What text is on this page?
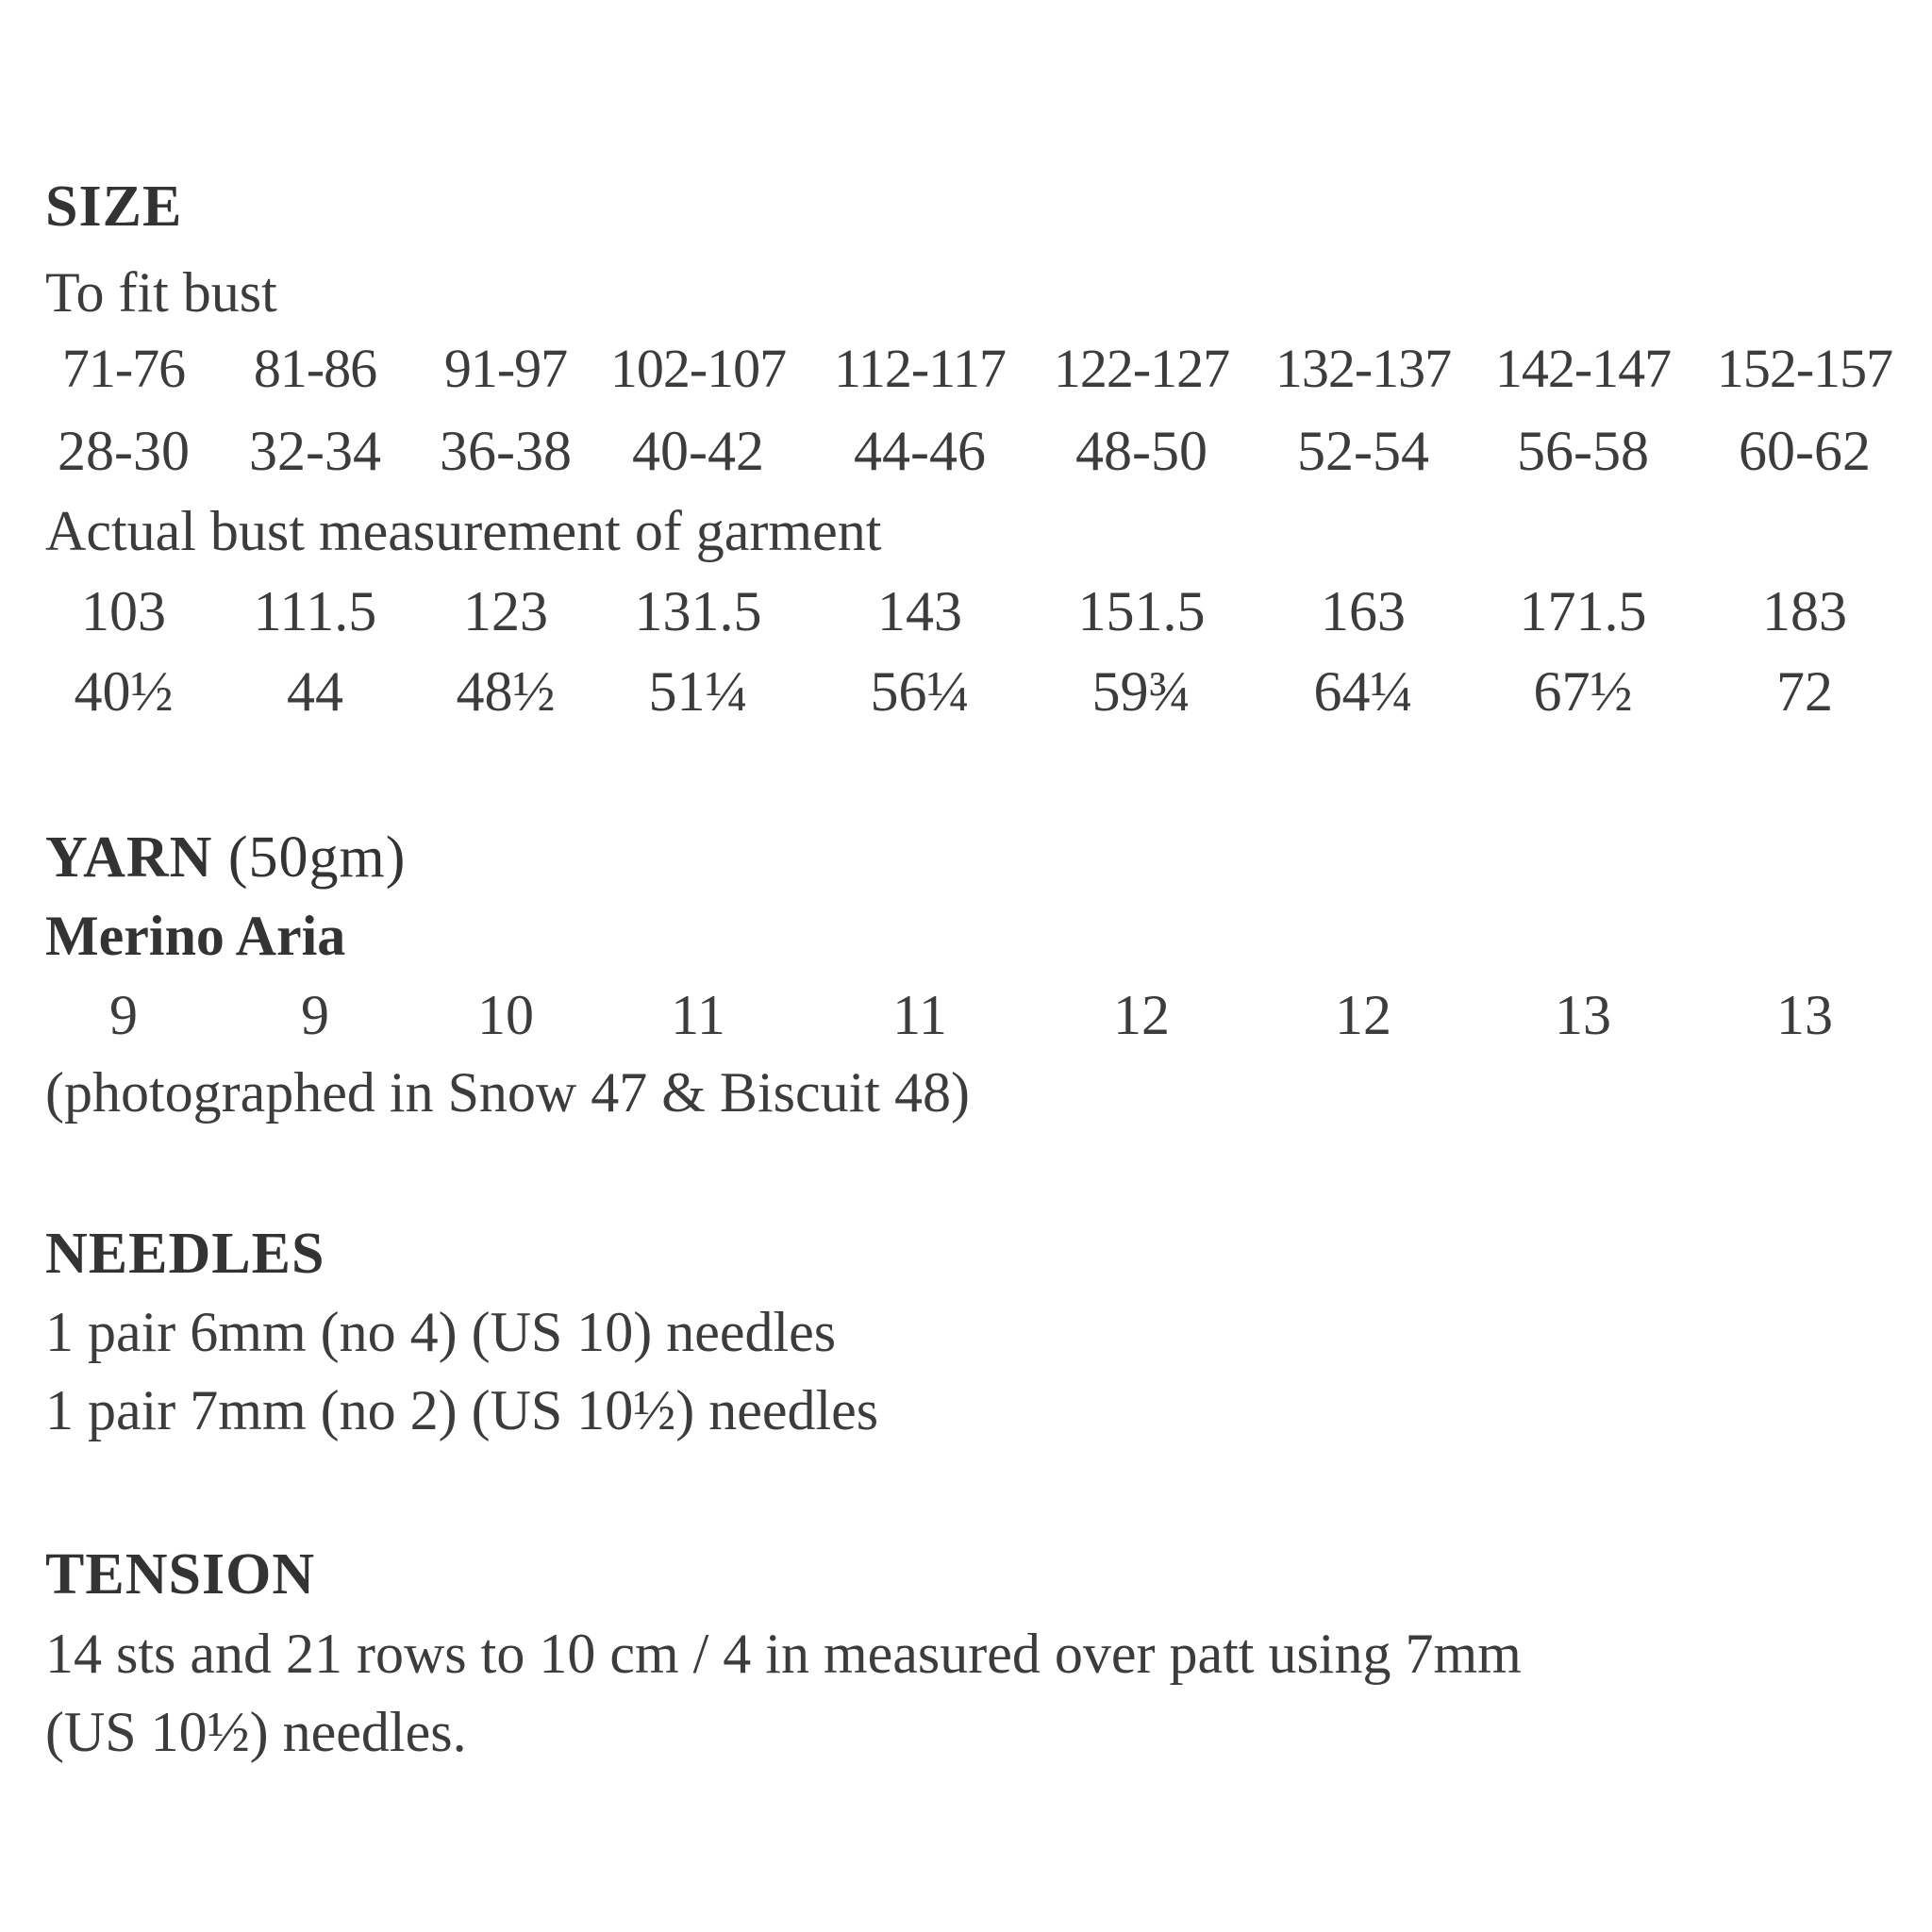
SIZE
To fit bust
71-76	81-86	91-97 102-107 112-117 122-127 132-137 142-147 152-157
28-30	32-34	36-38	40-42	44-46	48-50	52-54	56-58	60-62
Actual bust measurement of garment
103	111.5	123	131.5	143	151.5	163	171.5	183
40½	44	48½	51¼	56¼	59¾	64¼	67½	72
YARN (50gm)
Merino Aria
9	9	10	11	11	12	12	13	13
(photographed in Snow 47 & Biscuit 48)
NEEDLES
1 pair 6mm (no 4) (US 10) needles
1 pair 7mm (no 2) (US 10½) needles
TENSION
14 sts and 21 rows to 10 cm / 4 in measured over patt using 7mm
(US 10½) needles.
